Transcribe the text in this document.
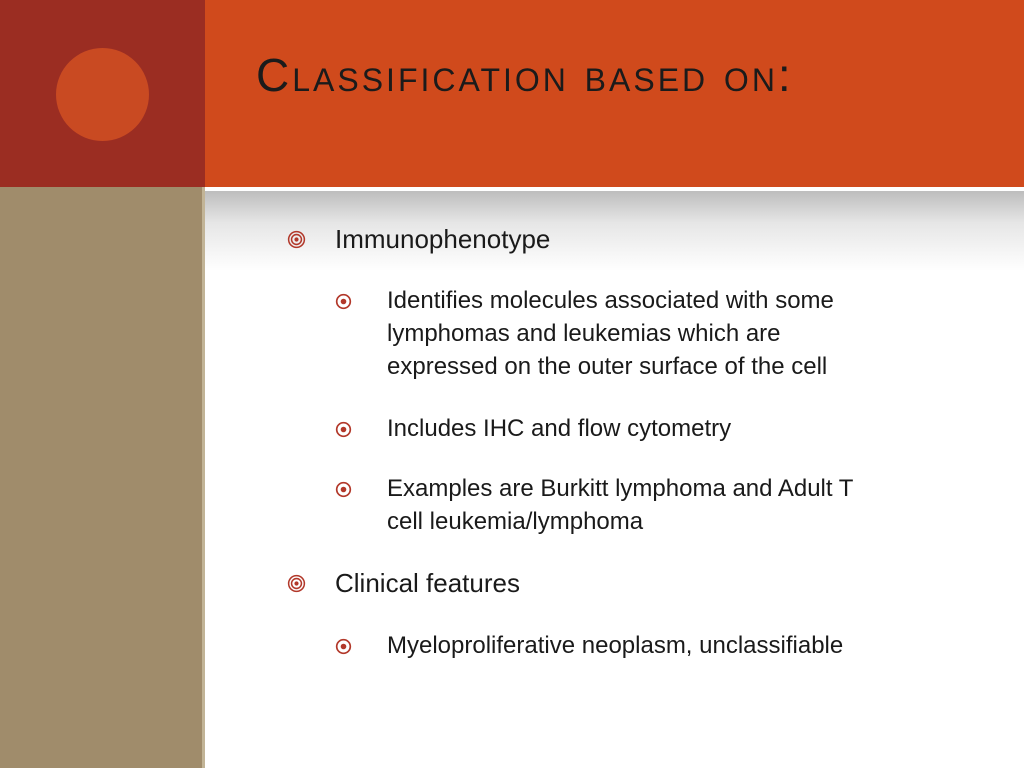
Classification based on:
Immunophenotype
Identifies molecules associated with some
lymphomas and leukemias which are
expressed on the outer surface of the cell
Includes IHC and flow cytometry
Examples are Burkitt lymphoma and Adult T
cell leukemia/lymphoma
Clinical features
Myeloproliferative neoplasm, unclassifiable
